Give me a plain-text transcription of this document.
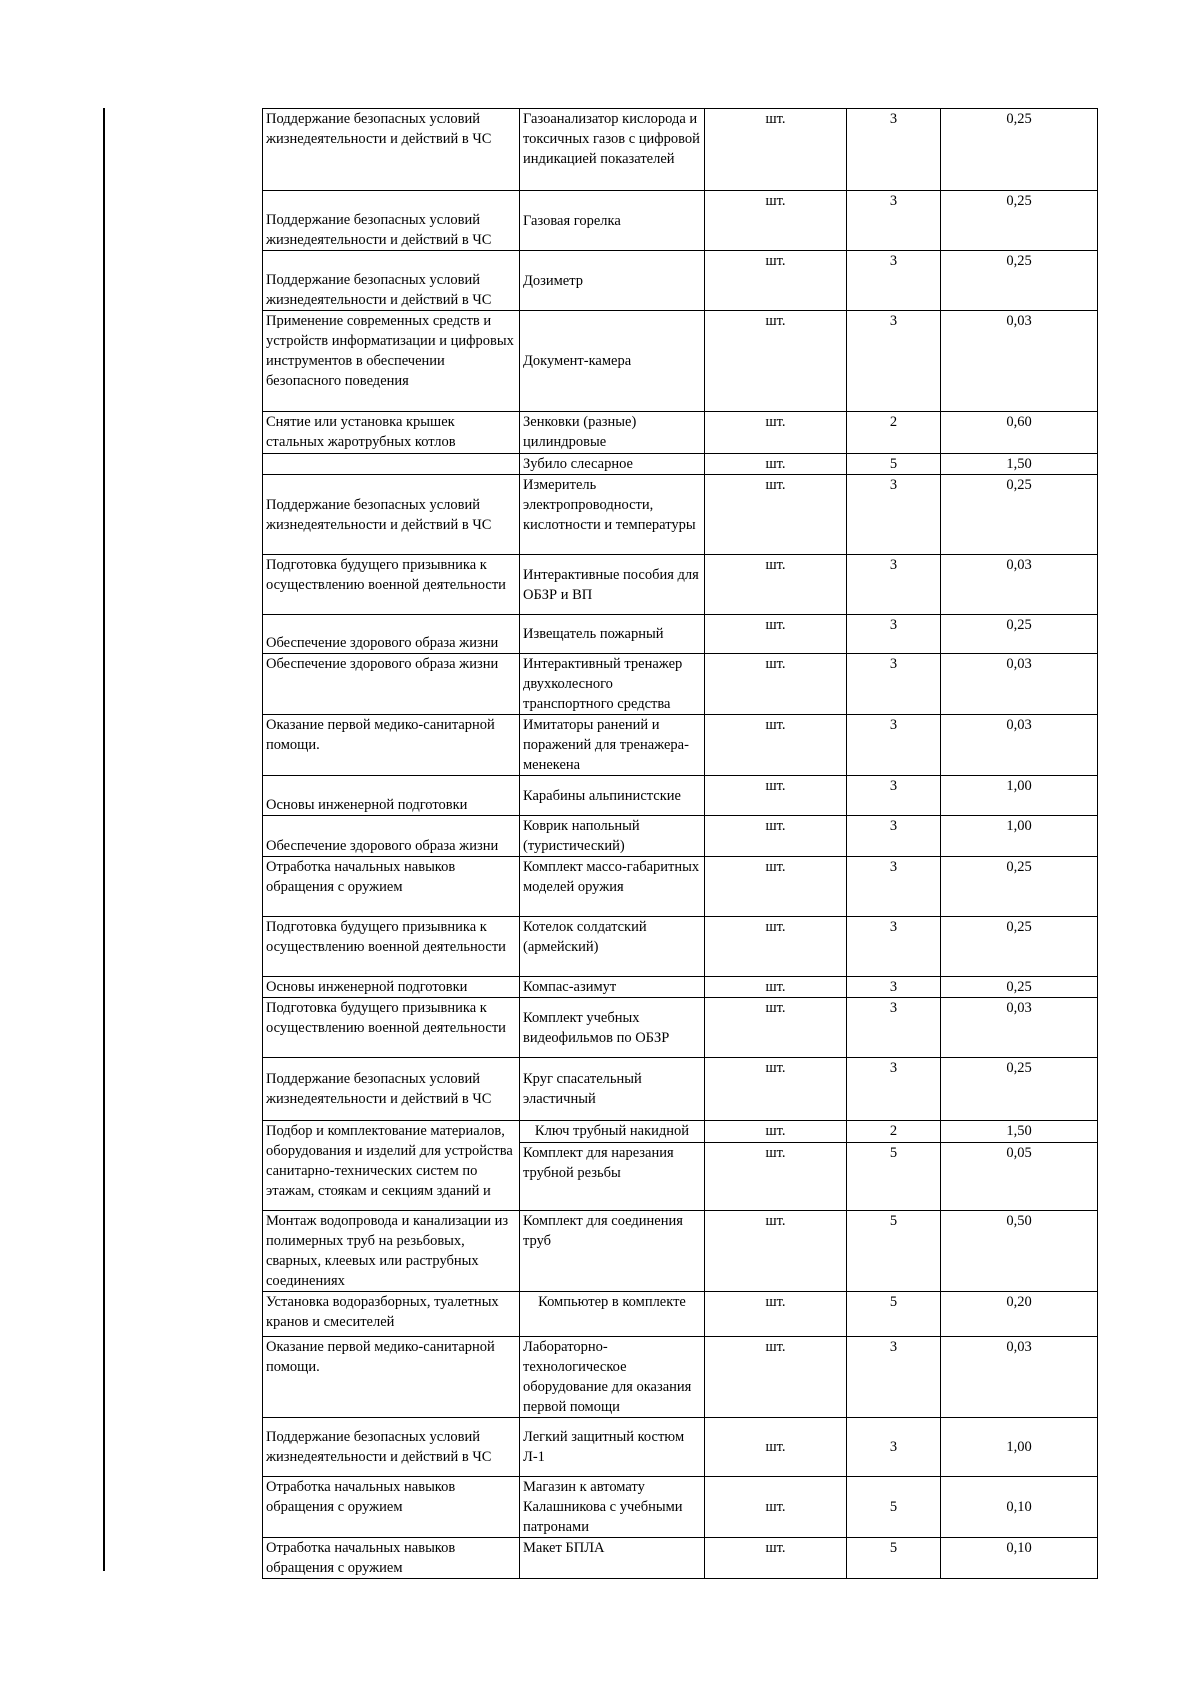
Поддержание безопасных условий жизнедеятельности и действий в ЧС	Газоанализатор кислорода и токсичных газов с цифровой индикацией показателей	шт.	3	0,25
Поддержание безопасных условий жизнедеятельности и действий в ЧС	Газовая горелка	шт.	3	0,25
Поддержание безопасных условий жизнедеятельности и действий в ЧС	Дозиметр	шт.	3	0,25
Применение современных средств и устройств информатизации и цифровых инструментов в обеспечении безопасного поведения	Документ-камера	шт.	3	0,03
Снятие или установка крышек стальных жаротрубных котлов	Зенковки (разные) цилиндровые	шт.	2	0,60
	Зубило слесарное	шт.	5	1,50
Поддержание безопасных условий жизнедеятельности и действий в ЧС	Измеритель электропроводности, кислотности и температуры	шт.	3	0,25
Подготовка будущего призывника к осуществлению военной деятельности	Интерактивные пособия для ОБЗР и ВП	шт.	3	0,03
Обеспечение здорового образа жизни	Извещатель пожарный	шт.	3	0,25
Обеспечение здорового образа жизни	Интерактивный тренажер двухколесного транспортного средства	шт.	3	0,03
Оказание первой медико-санитарной помощи.	Имитаторы ранений и поражений для тренажера-менекена	шт.	3	0,03
Основы инженерной подготовки	Карабины альпинистские	шт.	3	1,00
Обеспечение здорового образа жизни	Коврик напольный (туристический)	шт.	3	1,00
Отработка начальных навыков обращения с оружием	Комплект массо-габаритных моделей оружия	шт.	3	0,25
Подготовка будущего призывника к осуществлению военной деятельности	Котелок солдатский (армейский)	шт.	3	0,25
Основы инженерной подготовки	Компас-азимут	шт.	3	0,25
Подготовка будущего призывника к осуществлению военной деятельности	Комплект учебных видеофильмов по ОБЗР	шт.	3	0,03
Поддержание безопасных условий жизнедеятельности и действий в ЧС	Круг спасательный эластичный	шт.	3	0,25

Подбор и комплектование материалов, оборудования и изделий для устройства санитарно-технических систем по этажам, стоякам и секциям зданий и	Ключ трубный накидной	шт.	2	1,50
	Комплект для нарезания трубной резьбы	шт.	5	0,05
Монтаж водопровода и канализации из полимерных труб на резьбовых, сварных, клеевых или раструбных соединениях	Комплект для соединения труб	шт.	5	0,50
Установка водоразборных, туалетных кранов и смесителей	Компьютер в комплекте	шт.	5	0,20
Оказание первой медико-санитарной помощи.	Лабораторно-технологическое оборудование для оказания первой помощи	шт.	3	0,03
Поддержание безопасных условий жизнедеятельности и действий в ЧС	Легкий защитный костюм Л-1	шт.	3	1,00
Отработка начальных навыков обращения с оружием	Магазин к автомату Калашникова с учебными патронами	шт.	5	0,10
Отработка начальных навыков обращения с оружием	Макет БПЛА	шт.	5	0,10
